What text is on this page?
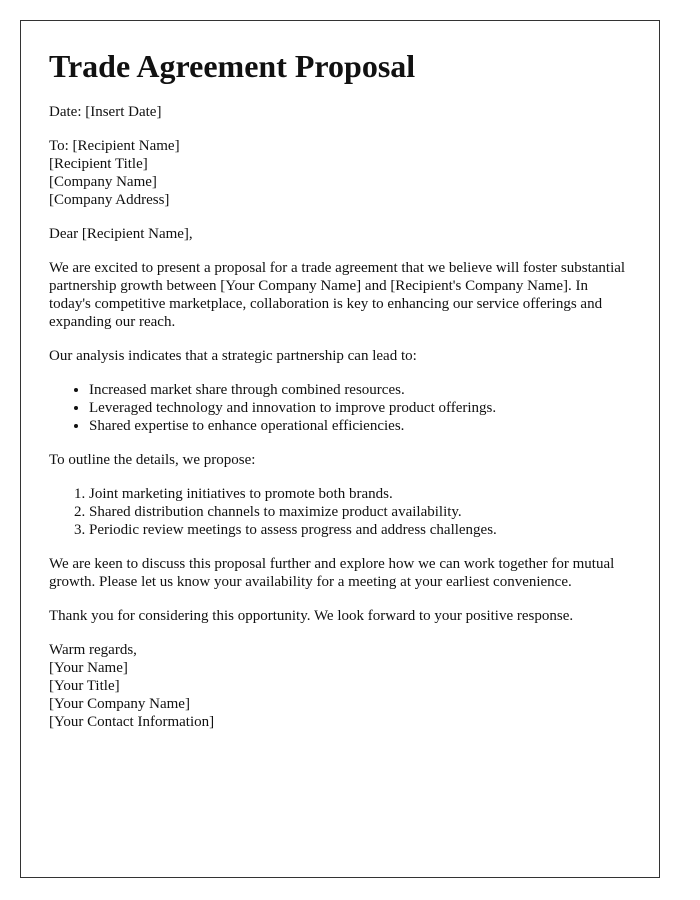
Trade Agreement Proposal

Date: [Insert Date]

To: [Recipient Name]
[Recipient Title]
[Company Name]
[Company Address]

Dear [Recipient Name],

We are excited to present a proposal for a trade agreement that we believe will foster substantial partnership growth between [Your Company Name] and [Recipient's Company Name]. In today's competitive marketplace, collaboration is key to enhancing our service offerings and expanding our reach.

Our analysis indicates that a strategic partnership can lead to:

• Increased market share through combined resources.
• Leveraged technology and innovation to improve product offerings.
• Shared expertise to enhance operational efficiencies.

To outline the details, we propose:

1. Joint marketing initiatives to promote both brands.
2. Shared distribution channels to maximize product availability.
3. Periodic review meetings to assess progress and address challenges.

We are keen to discuss this proposal further and explore how we can work together for mutual growth. Please let us know your availability for a meeting at your earliest convenience.

Thank you for considering this opportunity. We look forward to your positive response.

Warm regards,
[Your Name]
[Your Title]
[Your Company Name]
[Your Contact Information]
